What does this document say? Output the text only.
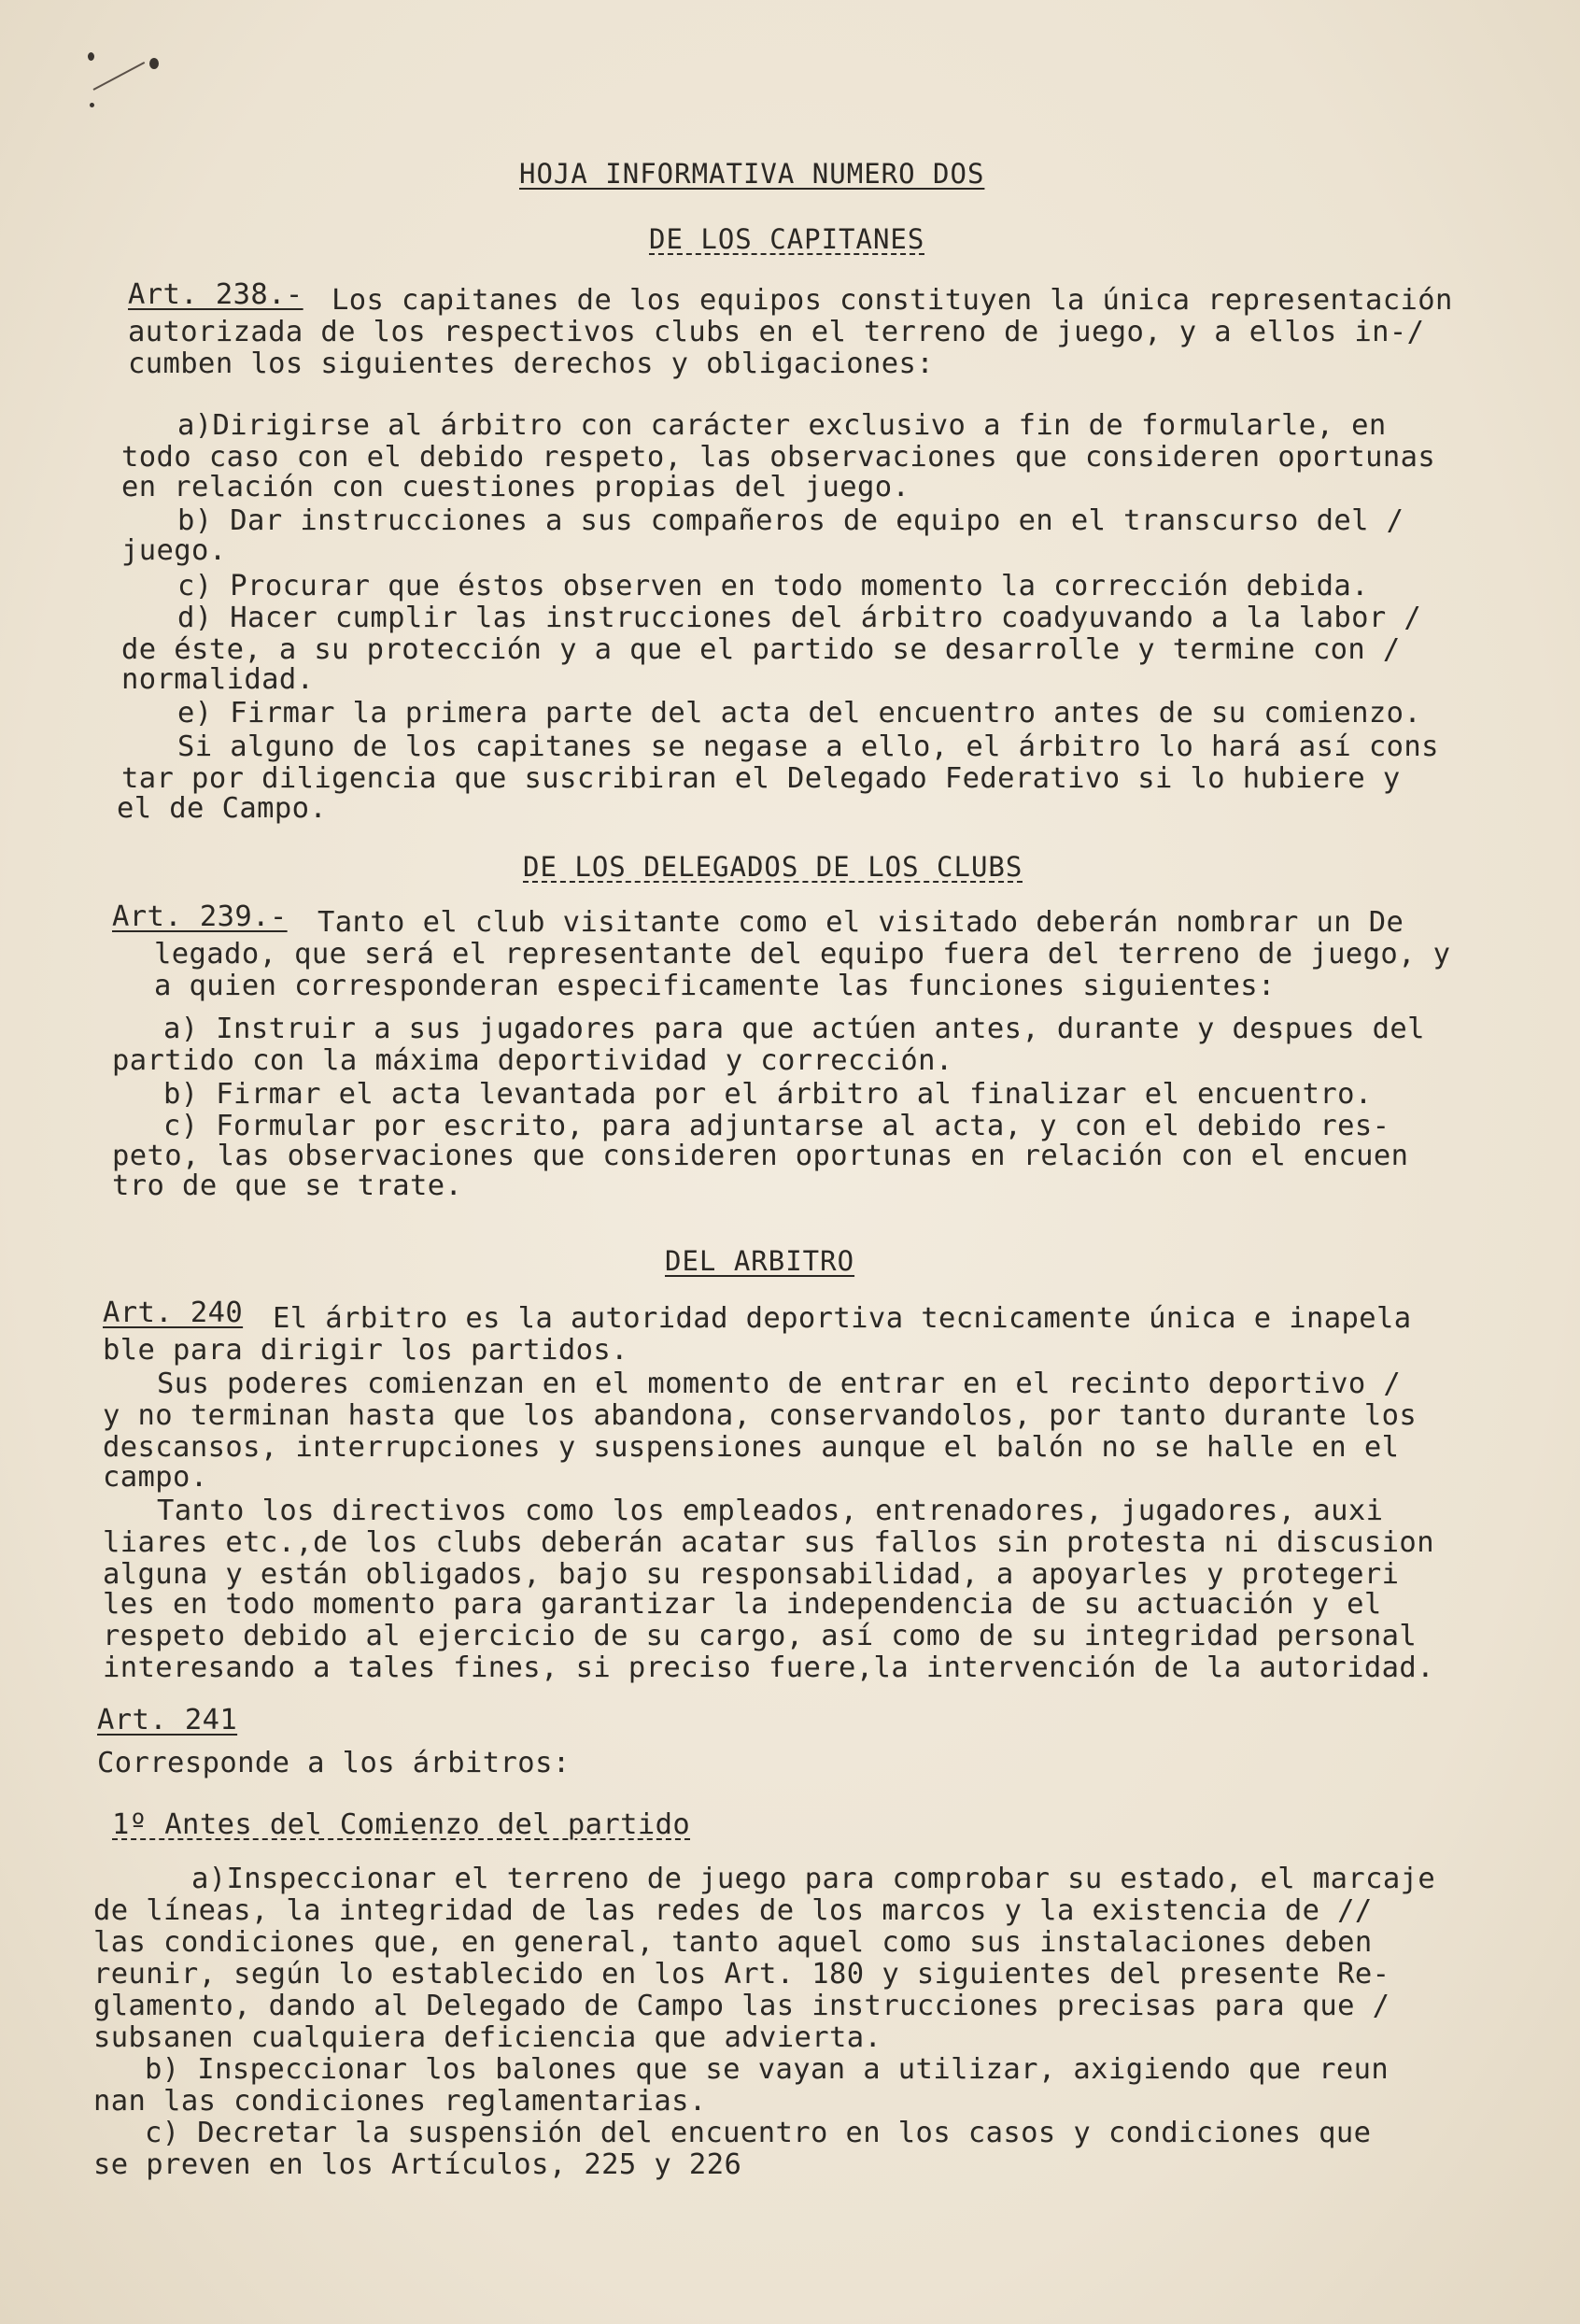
HOJA INFORMATIVA NUMERO DOS
DE LOS CAPITANES
Art. 238.- Los capitanes de los equipos constituyen la única representación
autorizada de los respectivos clubs en el terreno de juego, y a ellos in-/
cumben los siguientes derechos y obligaciones:
a)Dirigirse al árbitro con carácter exclusivo a fin de formularle, en
todo caso con el debido respeto, las observaciones que consideren oportunas
en relación con cuestiones propias del juego.
b) Dar instrucciones a sus compañeros de equipo en el transcurso del /
juego.
c) Procurar que éstos observen en todo momento la corrección debida.
d) Hacer cumplir las instrucciones del árbitro coadyuvando a la labor /
de éste, a su protección y a que el partido se desarrolle y termine con /
normalidad.
e) Firmar la primera parte del acta del encuentro antes de su comienzo.
Si alguno de los capitanes se negase a ello, el árbitro lo hará así cons
tar por diligencia que suscribiran el Delegado Federativo si lo hubiere y
el de Campo.
DE LOS DELEGADOS DE LOS CLUBS
Art. 239.- Tanto el club visitante como el visitado deberán nombrar un De
legado, que será el representante del equipo fuera del terreno de juego, y
a quien corresponderan especificamente las funciones siguientes:
a) Instruir a sus jugadores para que actúen antes, durante y despues del
partido con la máxima deportividad y corrección.
b) Firmar el acta levantada por el árbitro al finalizar el encuentro.
c) Formular por escrito, para adjuntarse al acta, y con el debido res-
peto, las observaciones que consideren oportunas en relación con el encuen
tro de que se trate.
DEL ARBITRO
Art. 240 El árbitro es la autoridad deportiva tecnicamente única e inapela
ble para dirigir los partidos.
Sus poderes comienzan en el momento de entrar en el recinto deportivo /
y no terminan hasta que los abandona, conservandolos, por tanto durante los
descansos, interrupciones y suspensiones aunque el balón no se halle en el
campo.
Tanto los directivos como los empleados, entrenadores, jugadores, auxi
liares etc.,de los clubs deberán acatar sus fallos sin protesta ni discusion
alguna y están obligados, bajo su responsabilidad, a apoyarles y protegeri
les en todo momento para garantizar la independencia de su actuación y el
respeto debido al ejercicio de su cargo, así como de su integridad personal
interesando a tales fines, si preciso fuere,la intervención de la autoridad.
Art. 241
Corresponde a los árbitros:
1º Antes del Comienzo del partido
a)Inspeccionar el terreno de juego para comprobar su estado, el marcaje
de líneas, la integridad de las redes de los marcos y la existencia de //
las condiciones que, en general, tanto aquel como sus instalaciones deben
reunir, según lo establecido en los Art. 180 y siguientes del presente Re-
glamento, dando al Delegado de Campo las instrucciones precisas para que /
subsanen cualquiera deficiencia que advierta.
b) Inspeccionar los balones que se vayan a utilizar, axigiendo que reun
nan las condiciones reglamentarias.
c) Decretar la suspensión del encuentro en los casos y condiciones que
se preven en los Artículos, 225 y 226
